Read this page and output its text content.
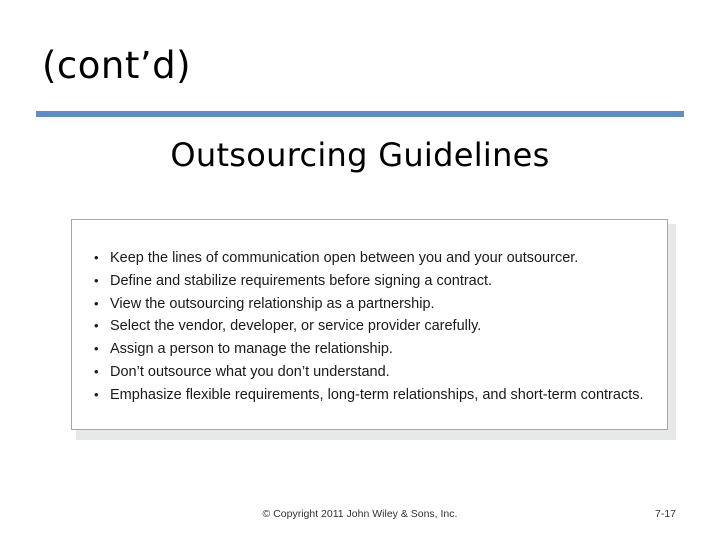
(cont’d)
Outsourcing Guidelines
• Keep the lines of communication open between you and your outsourcer.
• Define and stabilize requirements before signing a contract.
• View the outsourcing relationship as a partnership.
• Select the vendor, developer, or service provider carefully.
• Assign a person to manage the relationship.
• Don’t outsource what you don’t understand.
• Emphasize flexible requirements, long-term relationships, and short-term contracts.
© Copyright 2011 John Wiley & Sons, Inc.	7-17
